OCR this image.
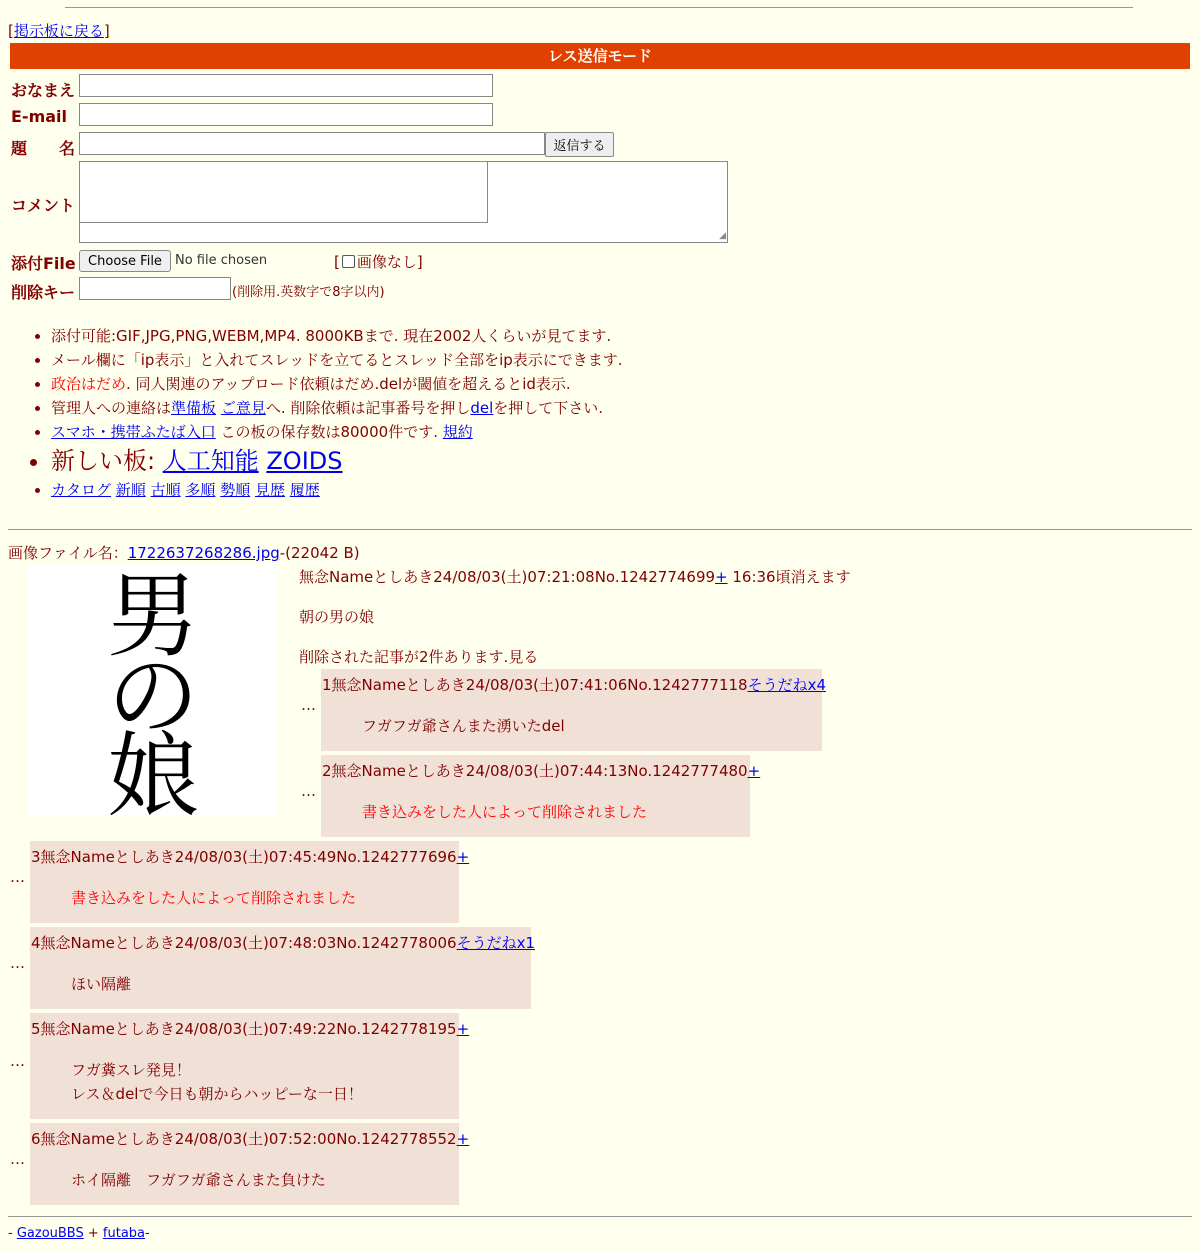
[掲示板に戻る]
レス送信モード
おなまえ
E-mail
題　　名	返信する
コメント
◢
添付File Choose File	No file chosen	[ 画像なし]
削除キー	(削除用.英数字で8字以内)
• 添付可能:GIF,JPG,PNG,WEBM,MP4. 8000KBまで. 現在2002人くらいが見てます.
• メール欄に「ip表示」と入れてスレッドを立てるとスレッド全部をip表示にできます.
• 政治はだめ. 同人関連のアップロード依頼はだめ.delが閾値を超えるとid表示.
• 管理人への連絡は準備板 ご意見へ. 削除依頼は記事番号を押しdelを押して下さい.
• スマホ・携帯ふたば入口 この板の保存数は80000件です. 規約
• 新しい板: 人工知能 ZOIDS
• カタログ 新順 古順 多順 勢順 見歴 履歴
画像ファイル名：1722637268286.jpg-(22042 B)
男
の
娘
無念Nameとしあき24/08/03(土)07:21:08No.1242774699+ 16:36頃消えます
朝の男の娘
削除された記事が2件あります.見る
…
1無念Nameとしあき24/08/03(土)07:41:06No.1242777118そうだねx4
フガフガ爺さんまた湧いたdel
…
2無念Nameとしあき24/08/03(土)07:44:13No.1242777480+
書き込みをした人によって削除されました
…
3無念Nameとしあき24/08/03(土)07:45:49No.1242777696+
書き込みをした人によって削除されました
…
4無念Nameとしあき24/08/03(土)07:48:03No.1242778006そうだねx1
ほい隔離
…
5無念Nameとしあき24/08/03(土)07:49:22No.1242778195+
フガ糞スレ発見！
レス＆delで今日も朝からハッピーな一日！
…
6無念Nameとしあき24/08/03(土)07:52:00No.1242778552+
ホイ隔離　フガフガ爺さんまた負けた
- GazouBBS + futaba-
